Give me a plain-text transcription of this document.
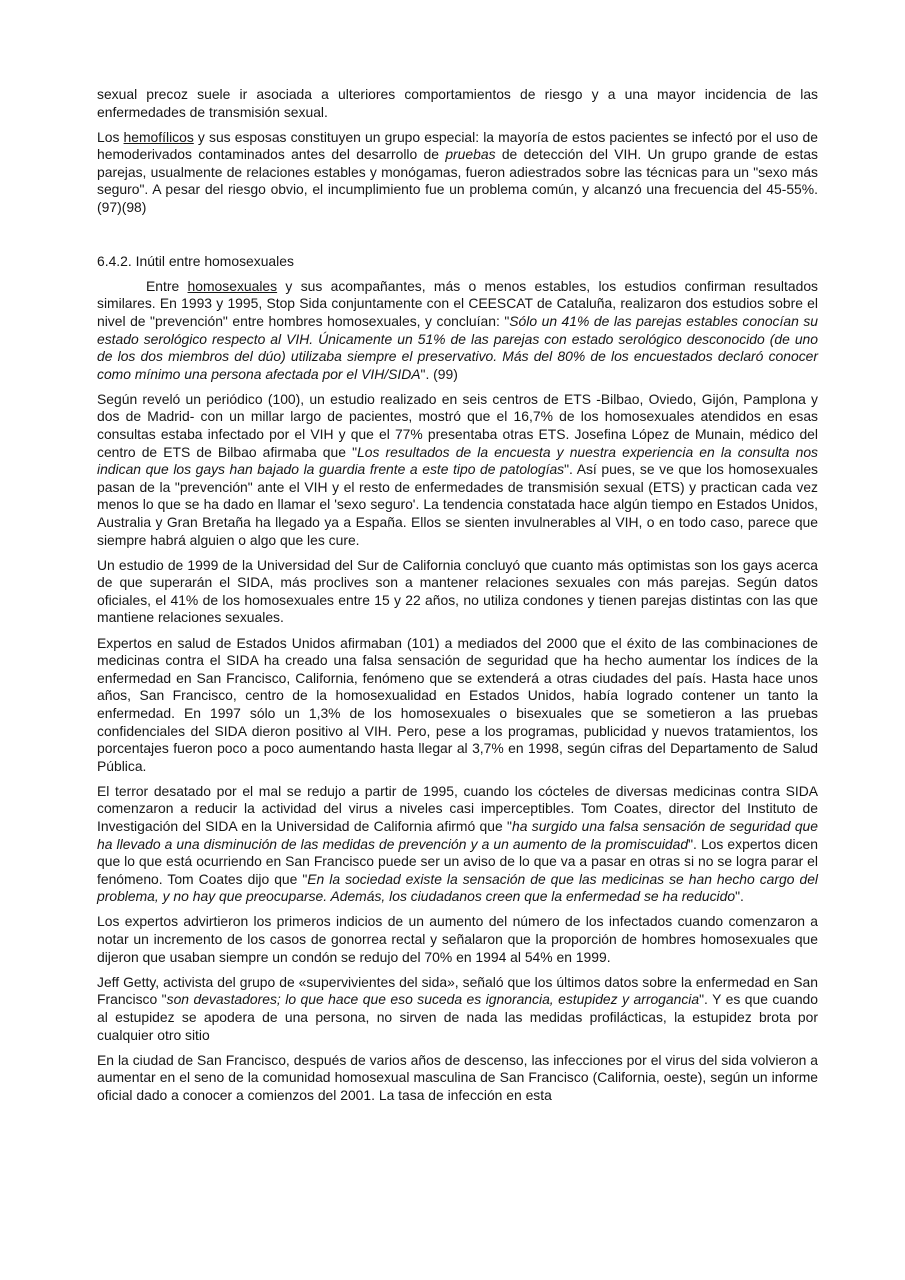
sexual precoz suele ir asociada a ulteriores comportamientos de riesgo y a una mayor incidencia de las enfermedades de transmisión sexual.

Los hemofílicos y sus esposas constituyen un grupo especial: la mayoría de estos pacientes se infectó por el uso de hemoderivados contaminados antes del desarrollo de pruebas de detección del VIH. Un grupo grande de estas parejas, usualmente de relaciones estables y monógamas, fueron adiestrados sobre las técnicas para un "sexo más seguro". A pesar del riesgo obvio, el incumplimiento fue un problema común, y alcanzó una frecuencia del 45-55%. (97)(98)

6.4.2. Inútil entre homosexuales

Entre homosexuales y sus acompañantes, más o menos estables, los estudios confirman resultados similares. En 1993 y 1995, Stop Sida conjuntamente con el CEESCAT de Cataluña, realizaron dos estudios sobre el nivel de "prevención" entre hombres homosexuales, y concluían: "Sólo un 41% de las parejas estables conocían su estado serológico respecto al VIH. Únicamente un 51% de las parejas con estado serológico desconocido (de uno de los dos miembros del dúo) utilizaba siempre el preservativo. Más del 80% de los encuestados declaró conocer como mínimo una persona afectada por el VIH/SIDA". (99)

Según reveló un periódico (100), un estudio realizado en seis centros de ETS -Bilbao, Oviedo, Gijón, Pamplona y dos de Madrid- con un millar largo de pacientes, mostró que el 16,7% de los homosexuales atendidos en esas consultas estaba infectado por el VIH y que el 77% presentaba otras ETS. Josefina López de Munain, médico del centro de ETS de Bilbao afirmaba que "Los resultados de la encuesta y nuestra experiencia en la consulta nos indican que los gays han bajado la guardia frente a este tipo de patologías". Así pues, se ve que los homosexuales pasan de la "prevención" ante el VIH y el resto de enfermedades de transmisión sexual (ETS) y practican cada vez menos lo que se ha dado en llamar el 'sexo seguro'. La tendencia constatada hace algún tiempo en Estados Unidos, Australia y Gran Bretaña ha llegado ya a España. Ellos se sienten invulnerables al VIH, o en todo caso, parece que siempre habrá alguien o algo que les cure.

Un estudio de 1999 de la Universidad del Sur de California concluyó que cuanto más optimistas son los gays acerca de que superarán el SIDA, más proclives son a mantener relaciones sexuales con más parejas. Según datos oficiales, el 41% de los homosexuales entre 15 y 22 años, no utiliza condones y tienen parejas distintas con las que mantiene relaciones sexuales.

Expertos en salud de Estados Unidos afirmaban (101) a mediados del 2000 que el éxito de las combinaciones de medicinas contra el SIDA ha creado una falsa sensación de seguridad que ha hecho aumentar los índices de la enfermedad en San Francisco, California, fenómeno que se extenderá a otras ciudades del país. Hasta hace unos años, San Francisco, centro de la homosexualidad en Estados Unidos, había logrado contener un tanto la enfermedad. En 1997 sólo un 1,3% de los homosexuales o bisexuales que se sometieron a las pruebas confidenciales del SIDA dieron positivo al VIH. Pero, pese a los programas, publicidad y nuevos tratamientos, los porcentajes fueron poco a poco aumentando hasta llegar al 3,7% en 1998, según cifras del Departamento de Salud Pública.

El terror desatado por el mal se redujo a partir de 1995, cuando los cócteles de diversas medicinas contra SIDA comenzaron a reducir la actividad del virus a niveles casi imperceptibles. Tom Coates, director del Instituto de Investigación del SIDA en la Universidad de California afirmó que "ha surgido una falsa sensación de seguridad que ha llevado a una disminución de las medidas de prevención y a un aumento de la promiscuidad". Los expertos dicen que lo que está ocurriendo en San Francisco puede ser un aviso de lo que va a pasar en otras si no se logra parar el fenómeno. Tom Coates dijo que "En la sociedad existe la sensación de que las medicinas se han hecho cargo del problema, y no hay que preocuparse. Además, los ciudadanos creen que la enfermedad se ha reducido".

Los expertos advirtieron los primeros indicios de un aumento del número de los infectados cuando comenzaron a notar un incremento de los casos de gonorrea rectal y señalaron que la proporción de hombres homosexuales que dijeron que usaban siempre un condón se redujo del 70% en 1994 al 54% en 1999.

Jeff Getty, activista del grupo de «supervivientes del sida», señaló que los últimos datos sobre la enfermedad en San Francisco "son devastadores; lo que hace que eso suceda es ignorancia, estupidez y arrogancia". Y es que cuando al estupidez se apodera de una persona, no sirven de nada las medidas profilácticas, la estupidez brota por cualquier otro sitio

En la ciudad de San Francisco, después de varios años de descenso, las infecciones por el virus del sida volvieron a aumentar en el seno de la comunidad homosexual masculina de San Francisco (California, oeste), según un informe oficial dado a conocer a comienzos del 2001. La tasa de infección en esta
